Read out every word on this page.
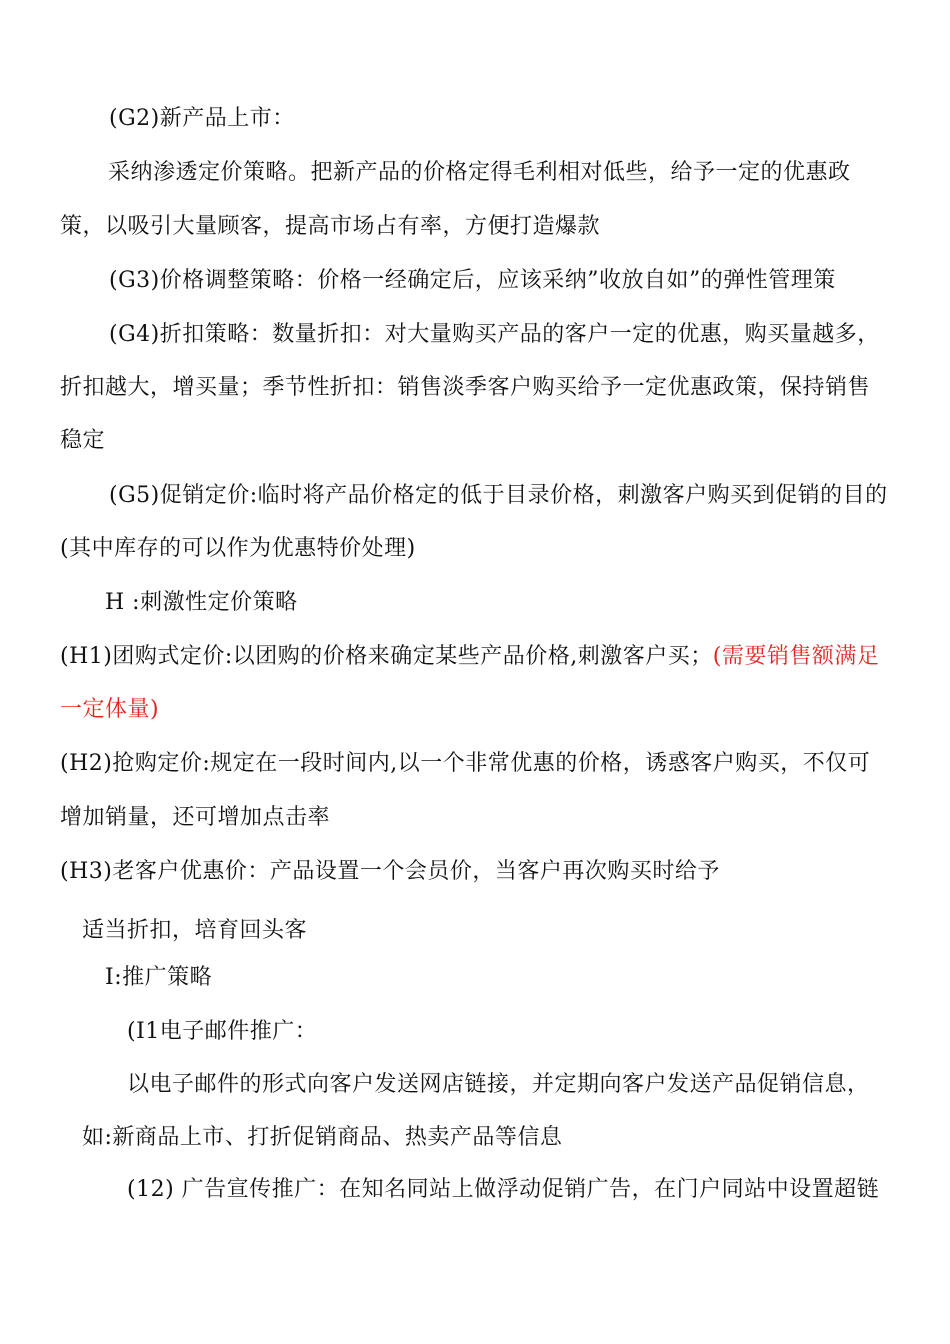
(G2)新产品上市：
采纳渗透定价策略。把新产品的价格定得毛利相对低些，给予一定的优惠政
策，以吸引大量顾客，提高市场占有率，方便打造爆款
(G3)价格调整策略：价格一经确定后，应该采纳”收放自如”的弹性管理策
(G4)折扣策略：数量折扣：对大量购买产品的客户一定的优惠，购买量越多，
折扣越大，增买量；季节性折扣：销售淡季客户购买给予一定优惠政策，保持销售
稳定
(G5)促销定价:临时将产品价格定的低于目录价格，刺激客户购买到促销的目的
(其中库存的可以作为优惠特价处理)
H :刺激性定价策略
(H1)团购式定价:以团购的价格来确定某些产品价格,刺激客户买；(需要销售额满足
一定体量)
(H2)抢购定价:规定在一段时间内,以一个非常优惠的价格，诱惑客户购买，不仅可
增加销量，还可增加点击率
(H3)老客户优惠价：产品设置一个会员价，当客户再次购买时给予
适当折扣，培育回头客
I:推广策略
(I1电子邮件推广：
以电子邮件的形式向客户发送网店链接，并定期向客户发送产品促销信息，
如:新商品上市、打折促销商品、热卖产品等信息
(12) 广告宣传推广：在知名同站上做浮动促销广告，在门户同站中设置超链
